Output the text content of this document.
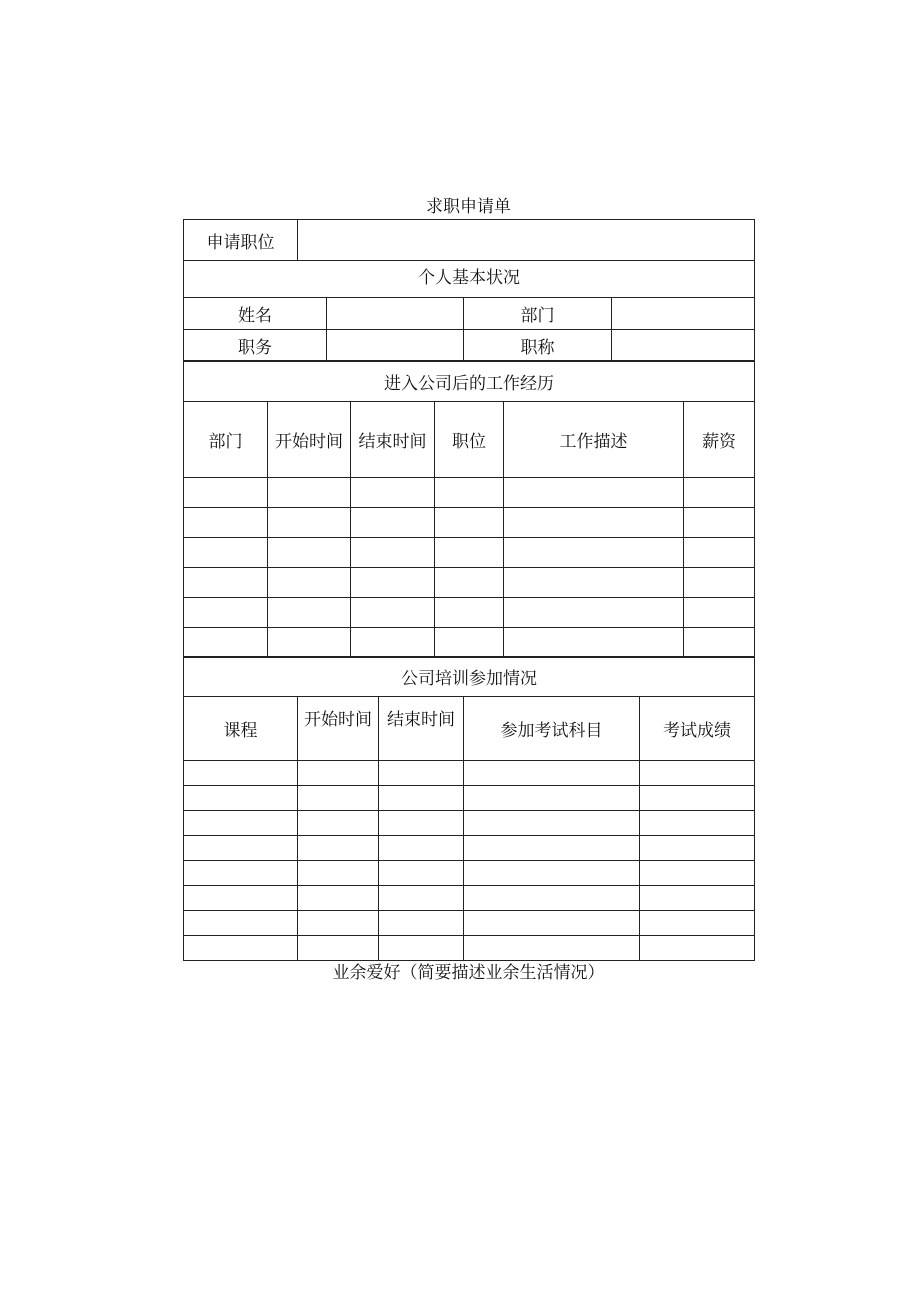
求职申请单
申请职位				
个人基本状况				
姓名			部门	
职务			职称	
进入公司后的工作经历					
部门	开始时间	结束时间	职位	工作描述	薪资

公司培训参加情况				
课程	开始时间	结束时间	参加考试科目	考试成绩

业余爱好（简要描述业余生活情况）
